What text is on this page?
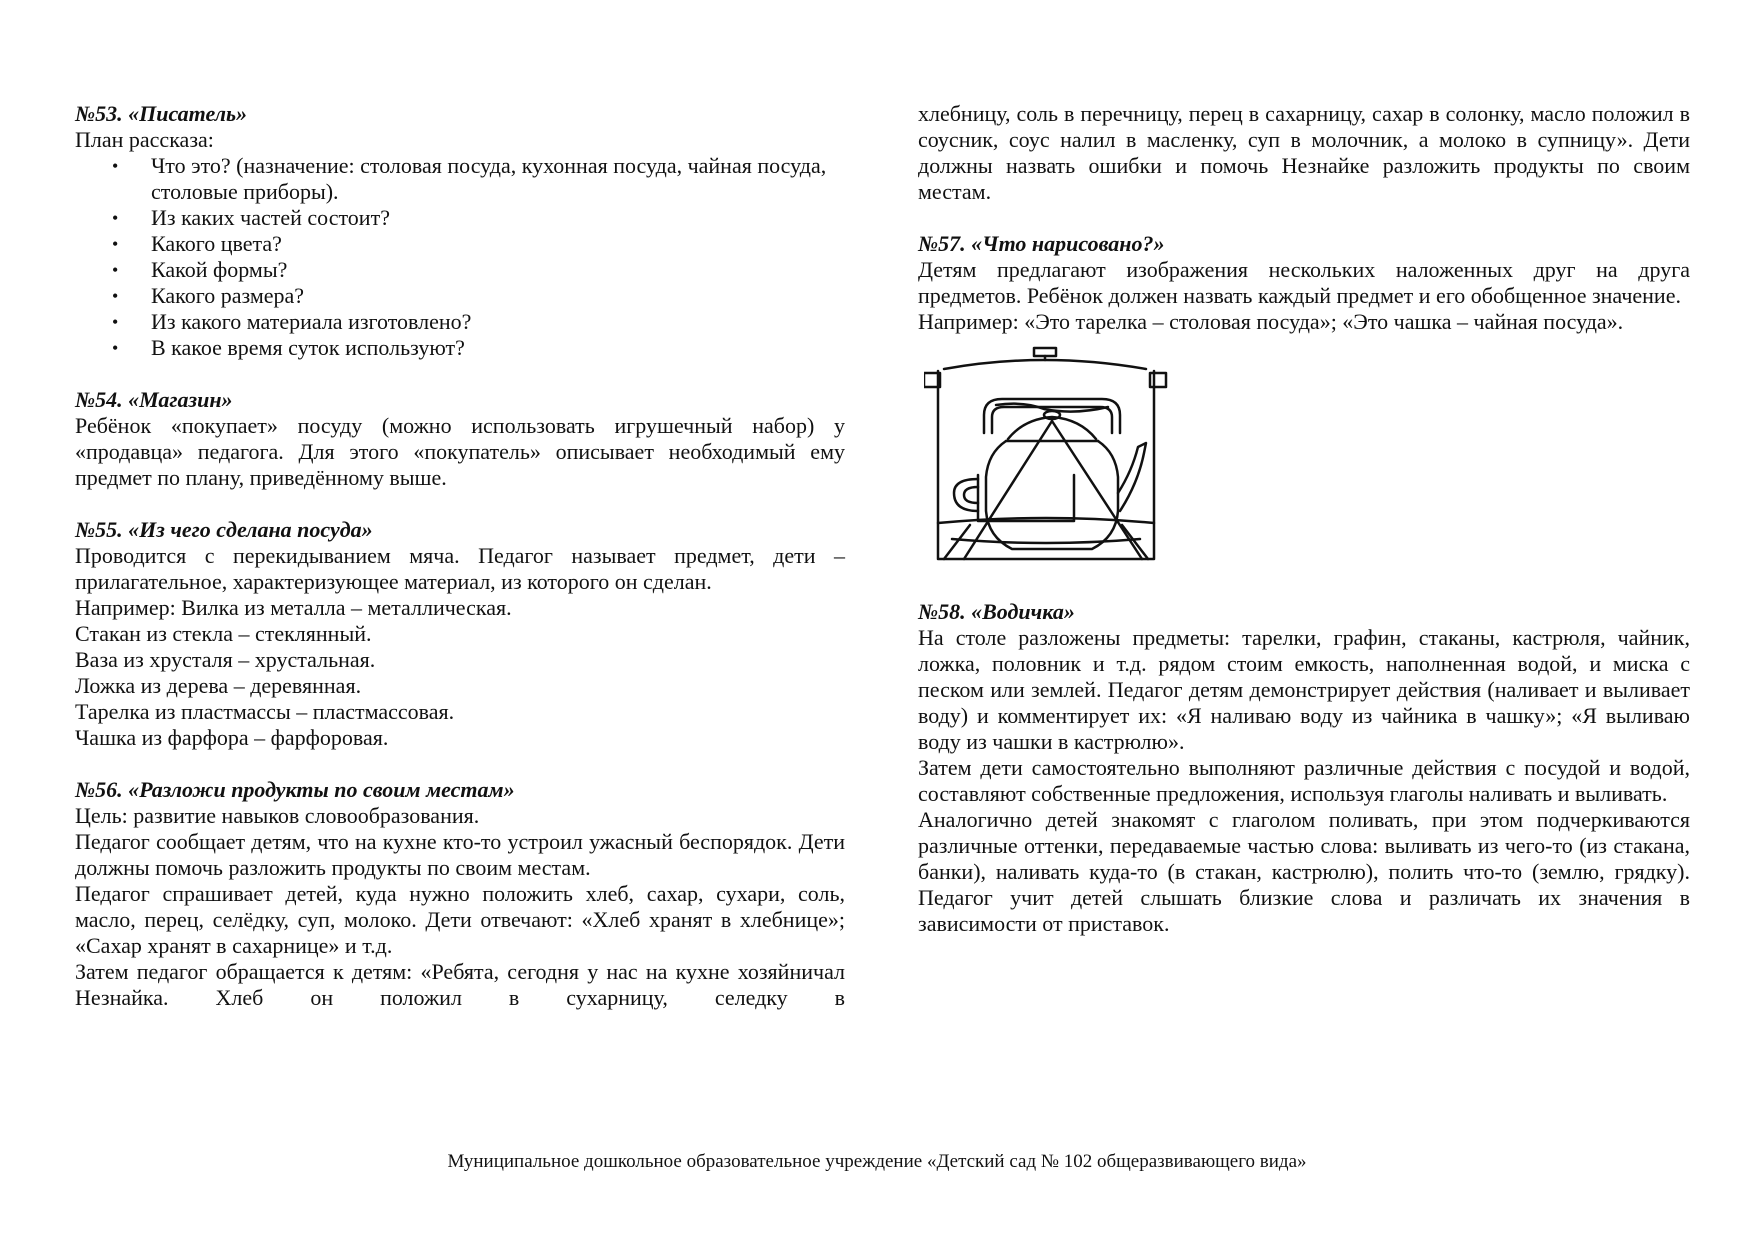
№53. «Писатель»

План рассказа:

• Что это? (назначение: столовая посуда, кухонная посуда, чайная посуда, столовые приборы).
• Из каких частей состоит?
• Какого цвета?
• Какой формы?
• Какого размера?
• Из какого материала изготовлено?
• В какое время суток используют?

№54. «Магазин»

Ребёнок «покупает» посуду (можно использовать игрушечный набор) у «продавца» педагога. Для этого «покупатель» описывает необходимый ему предмет по плану, приведённому выше.

№55. «Из чего сделана посуда»

Проводится с перекидыванием мяча. Педагог называет предмет, дети – прилагательное, характеризующее материал, из которого он сделан.

Например: Вилка из металла – металлическая.

Стакан из стекла – стеклянный.

Ваза из хрусталя – хрустальная.

Ложка из дерева – деревянная.

Тарелка из пластмассы – пластмассовая.

Чашка из фарфора – фарфоровая.

№56. «Разложи продукты по своим местам»

Цель: развитие навыков словообразования.

Педагог сообщает детям, что на кухне кто-то устроил ужасный беспорядок. Дети должны помочь разложить продукты по своим местам.

Педагог спрашивает детей, куда нужно положить хлеб, сахар, сухари, соль, масло, перец, селёдку, суп, молоко. Дети отвечают: «Хлеб хранят в хлебнице»; «Сахар хранят в сахарнице» и т.д.

Затем педагог обращается к детям: «Ребята, сегодня у нас на кухне хозяйничал Незнайка. Хлеб он положил в сухарницу, селедку в

хлебницу, соль в перечницу, перец в сахарницу, сахар в солонку, масло положил в соусник, соус налил в масленку, суп в молочник, а молоко в супницу». Дети должны назвать ошибки и помочь Незнайке разложить продукты по своим местам.

№57. «Что нарисовано?»

Детям предлагают изображения нескольких наложенных друг на друга предметов. Ребёнок должен назвать каждый предмет и его обобщенное значение.

Например: «Это тарелка – столовая посуда»; «Это чашка – чайная посуда».

№58. «Водичка»

На столе разложены предметы: тарелки, графин, стаканы, кастрюля, чайник, ложка, половник и т.д. рядом стоим емкость, наполненная водой, и миска с песком или землей. Педагог детям демонстрирует действия (наливает и выливает воду) и комментирует их: «Я наливаю воду из чайника в чашку»; «Я выливаю воду из чашки в кастрюлю».

Затем дети самостоятельно выполняют различные действия с посудой и водой, составляют собственные предложения, используя глаголы наливать и выливать.

Аналогично детей знакомят с глаголом поливать, при этом подчеркиваются различные оттенки, передаваемые частью слова: выливать из чего-то (из стакана, банки), наливать куда-то (в стакан, кастрюлю), полить что-то (землю, грядку). Педагог учит детей слышать близкие слова и различать их значения в зависимости от приставок.

Муниципальное дошкольное образовательное учреждение «Детский сад № 102 общеразвивающего вида»
